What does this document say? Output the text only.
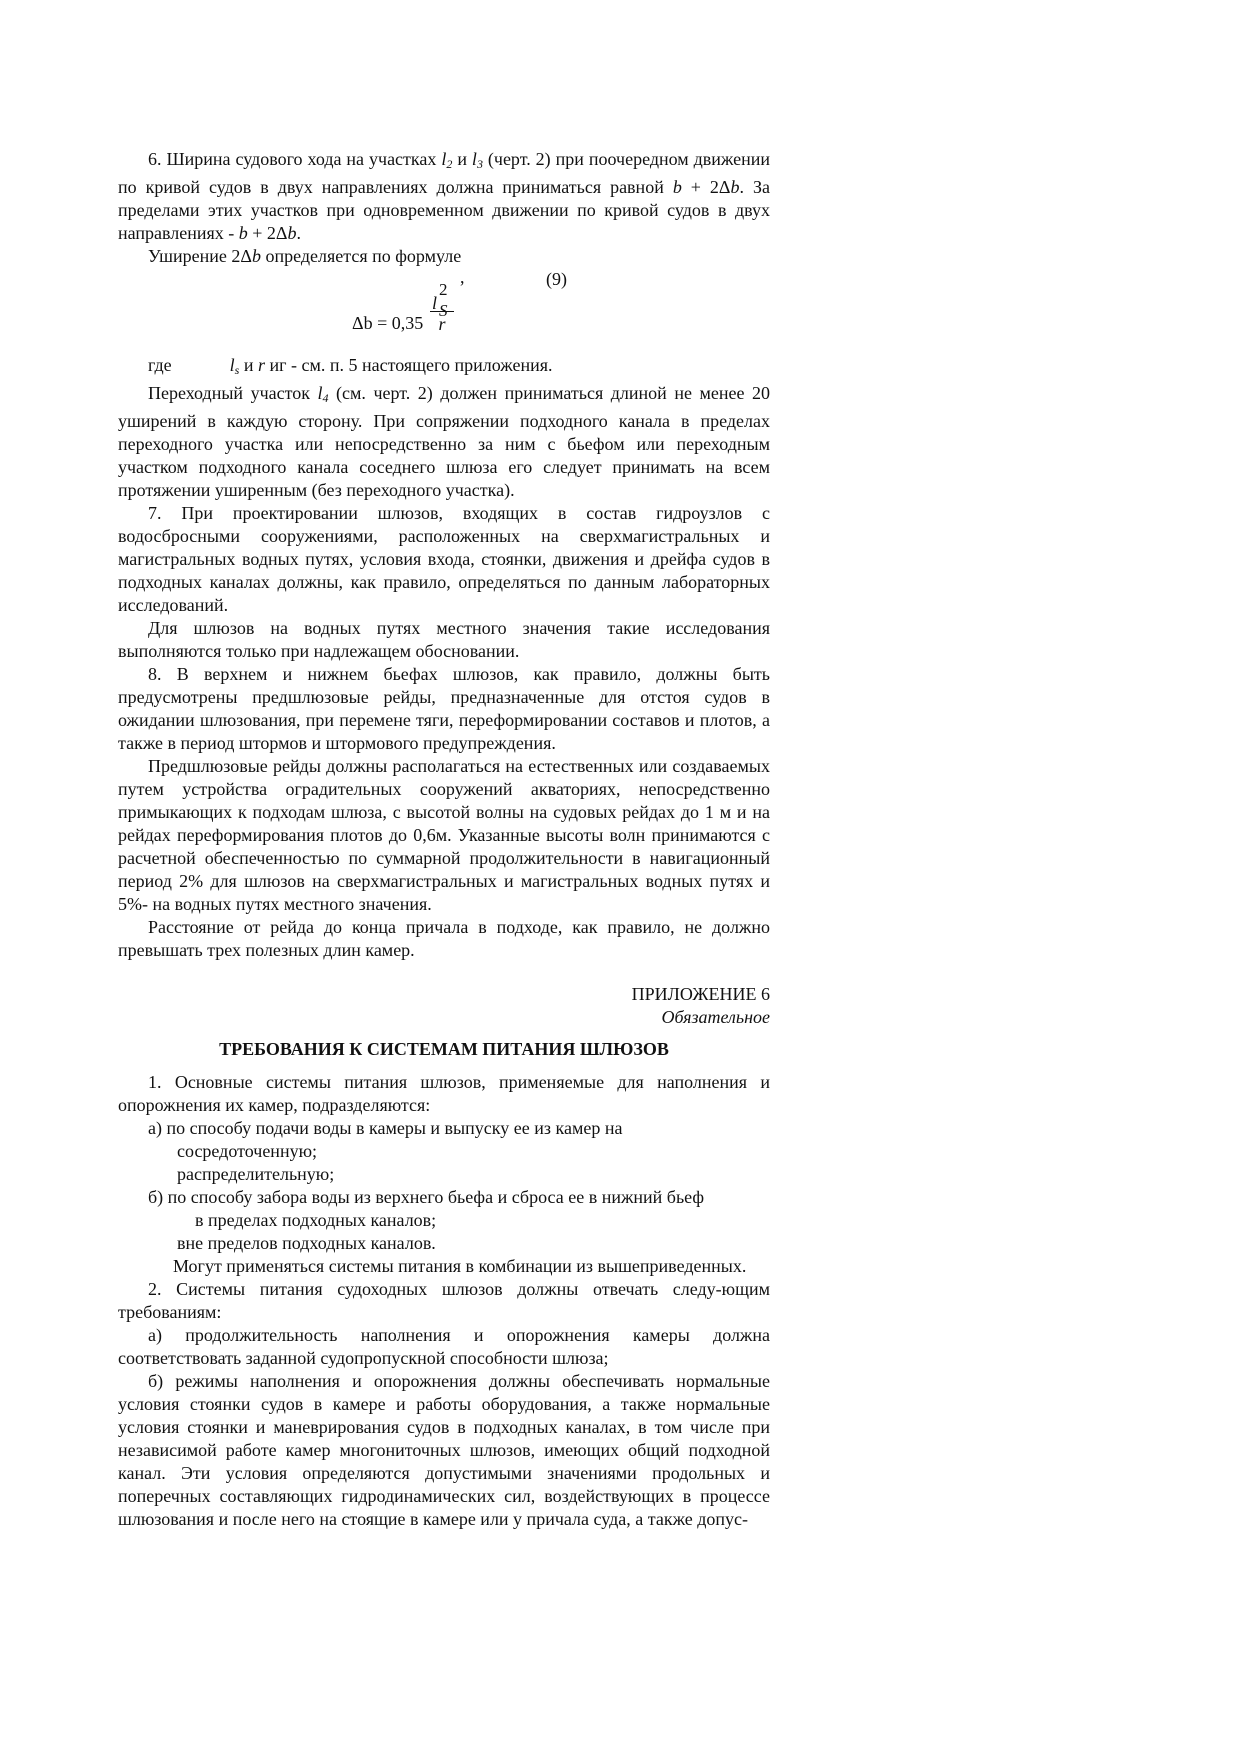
6. Ширина судового хода на участках $l_2$ и $l_3$ (черт. 2) при поочередном движении по кривой судов в двух направлениях должна приниматься равной b + 2Δb. За пределами этих участков при одновременном движении по кривой судов в двух направлениях - b + 2Δb.

Уширение 2Δb определяется по формуле

,	(9)
Δb = 0,35 2
l S
r

где	$l_s$ и r иг - см. п. 5 настоящего приложения.

Переходный участок $l_4$ (см. черт. 2) должен приниматься длиной не менее 20 уширений в каждую сторону. При сопряжении подходного канала в пределах переходного участка или непосредственно за ним с бьефом или переходным участком подходного канала соседнего шлюза его следует принимать на всем протяжении уширенным (без переходного участка).

7. При проектировании шлюзов, входящих в состав гидроузлов с водосбросными сооружениями, расположенных на сверхмагистральных и магистральных водных путях, условия входа, стоянки, движения и дрейфа судов в подходных каналах должны, как правило, определяться по данным лабораторных исследований.

Для шлюзов на водных путях местного значения такие исследования выполняются только при надлежащем обосновании.

8. В верхнем и нижнем бьефах шлюзов, как правило, должны быть предусмотрены предшлюзовые рейды, предназначенные для отстоя судов в ожидании шлюзования, при перемене тяги, переформировании составов и плотов, а также в период штормов и штормового предупреждения.

Предшлюзовые рейды должны располагаться на естественных или создаваемых путем устройства оградительных сооружений акваториях, непосредственно примыкающих к подходам шлюза, с высотой волны на судовых рейдах до 1 м и на рейдах переформирования плотов до 0,6м. Указанные высоты волн принимаются с расчетной обеспеченностью по суммарной продолжительности в навигационный период 2% для шлюзов на сверхмагистральных и магистральных водных путях и 5%- на водных путях местного значения.

Расстояние от рейда до конца причала в подходе, как правило, не должно превышать трех полезных длин камер.

ПРИЛОЖЕНИЕ 6

Обязательное

ТРЕБОВАНИЯ К СИСТЕМАМ ПИТАНИЯ ШЛЮЗОВ

1. Основные системы питания шлюзов, применяемые для наполнения и опорожнения их камер, подразделяются:

а) по способу подачи воды в камеры и выпуску ее из камер на

сосредоточенную;

распределительную;

б) по способу забора воды из верхнего бьефа и сброса ее в нижний бьеф

в пределах подходных каналов;

вне пределов подходных каналов.

Могут применяться системы питания в комбинации из вышеприведенных.

2. Системы питания судоходных шлюзов должны отвечать следу-ющим требованиям:

а) продолжительность наполнения и опорожнения камеры должна соответствовать заданной судопропускной способности шлюза;

б) режимы наполнения и опорожнения должны обеспечивать нормальные условия стоянки судов в камере и работы оборудования, а также нормальные условия стоянки и маневрирования судов в подходных каналах, в том числе при независимой работе камер многониточных шлюзов, имеющих общий подходной канал. Эти условия определяются допустимыми значениями продольных и поперечных составляющих гидродинамических сил, воздействующих в процессе шлюзования и после него на стоящие в камере или у причала суда, а также допус-
